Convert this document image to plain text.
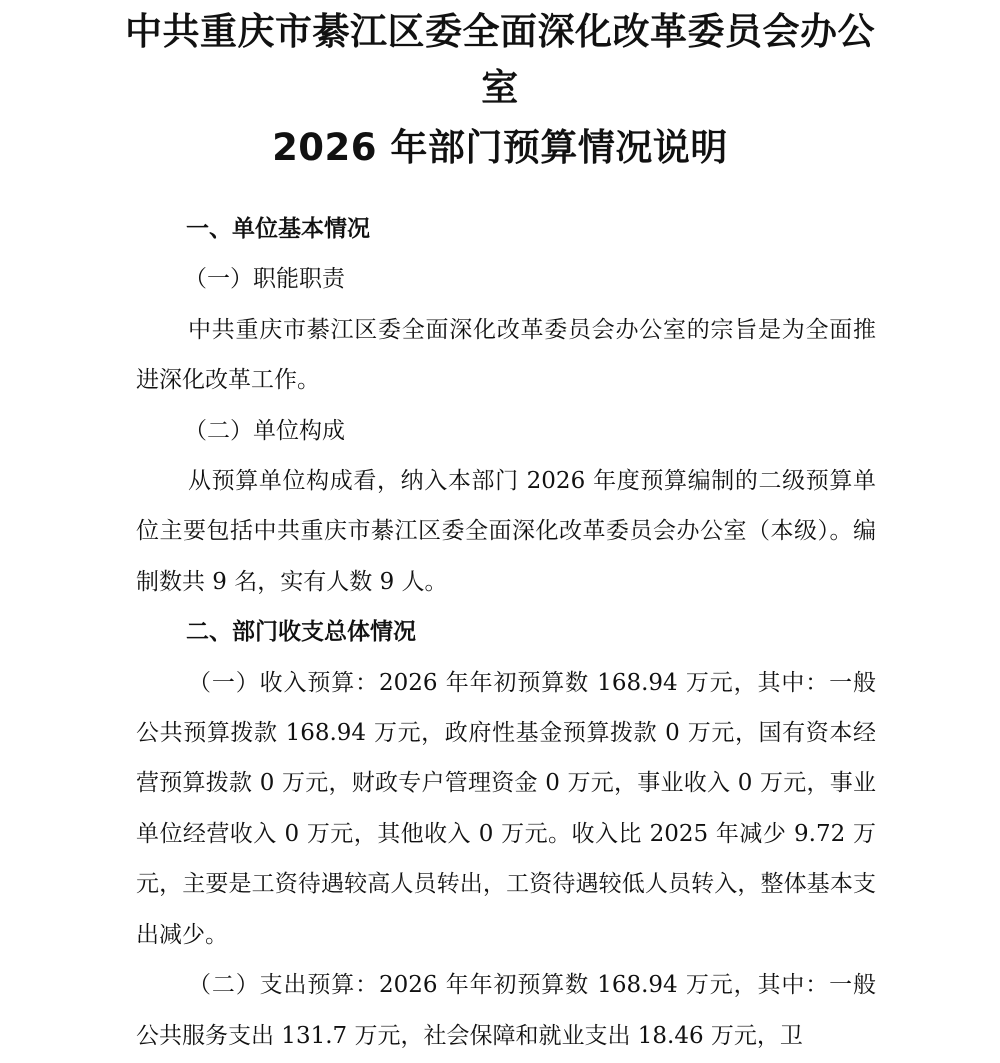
中共重庆市綦江区委全面深化改革委员会办公
室
2026 年部门预算情况说明
一、单位基本情况
（一）职能职责
中共重庆市綦江区委全面深化改革委员会办公室的宗旨是为全面推进深化改革工作。
（二）单位构成
从预算单位构成看，纳入本部门 2026 年度预算编制的二级预算单位主要包括中共重庆市綦江区委全面深化改革委员会办公室（本级）。编制数共 9 名，实有人数 9 人。
二、部门收支总体情况
（一）收入预算：2026 年年初预算数 168.94 万元，其中：一般公共预算拨款 168.94 万元，政府性基金预算拨款 0 万元，国有资本经营预算拨款 0 万元，财政专户管理资金 0 万元，事业收入 0 万元，事业单位经营收入 0 万元，其他收入 0 万元。收入比 2025 年减少 9.72 万元，主要是工资待遇较高人员转出，工资待遇较低人员转入，整体基本支出减少。
（二）支出预算：2026 年年初预算数 168.94 万元，其中：一般公共服务支出 131.7 万元，社会保障和就业支出 18.46 万元，卫
